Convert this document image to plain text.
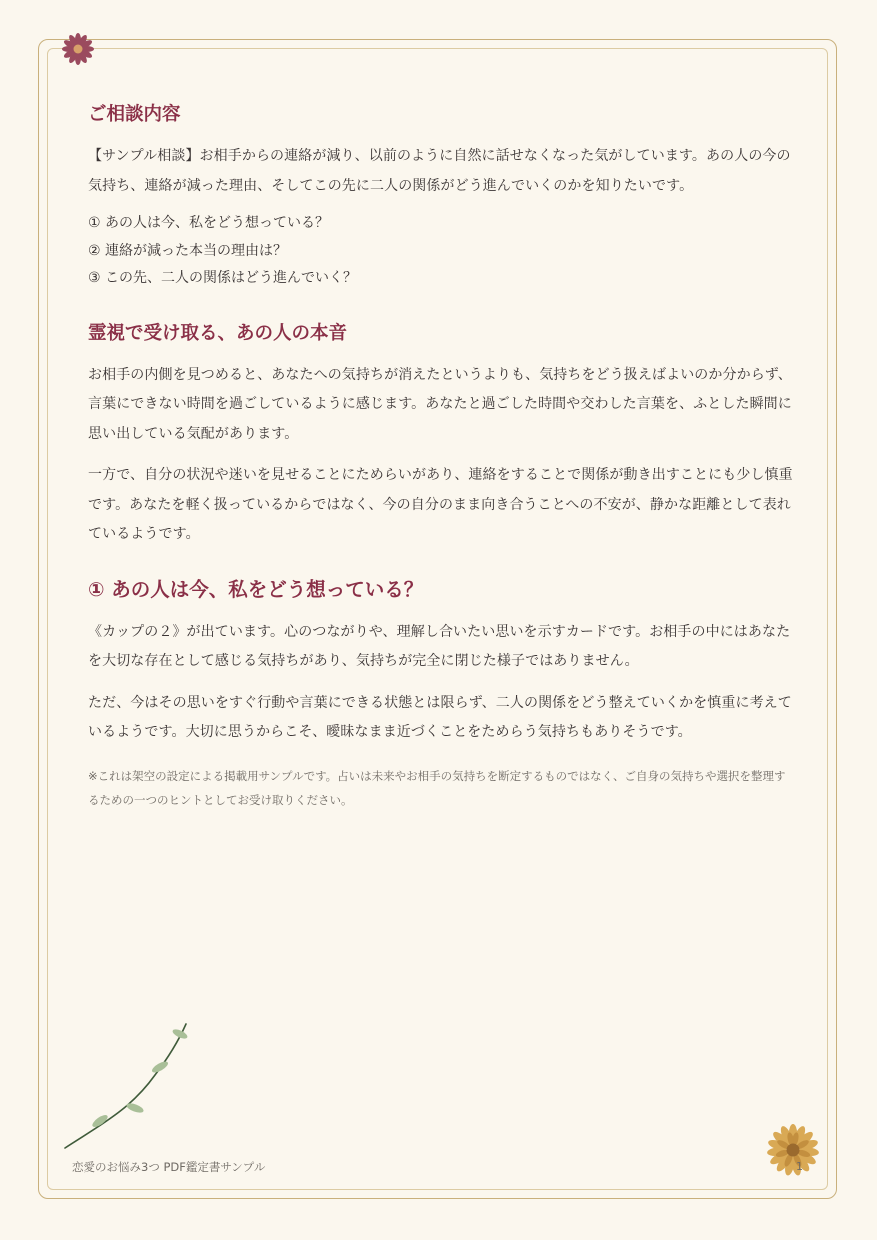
ご相談内容

【サンプル相談】お相手からの連絡が減り、以前のように自然に話せなくなった気がしています。あの人の今の気持ち、連絡が減った理由、そしてこの先に二人の関係がどう進んでいくのかを知りたいです。

① あの人は今、私をどう想っている？
② 連絡が減った本当の理由は？
③ この先、二人の関係はどう進んでいく？
霊視で受け取る、あの人の本音

お相手の内側を見つめると、あなたへの気持ちが消えたというよりも、気持ちをどう扱えばよいのか分からず、言葉にできない時間を過ごしているように感じます。あなたと過ごした時間や交わした言葉を、ふとした瞬間に思い出している気配があります。

一方で、自分の状況や迷いを見せることにためらいがあり、連絡をすることで関係が動き出すことにも少し慎重です。あなたを軽く扱っているからではなく、今の自分のまま向き合うことへの不安が、静かな距離として表れているようです。

① あの人は今、私をどう想っている？

《カップの２》が出ています。心のつながりや、理解し合いたい思いを示すカードです。お相手の中にはあなたを大切な存在として感じる気持ちがあり、気持ちが完全に閉じた様子ではありません。

ただ、今はその思いをすぐ行動や言葉にできる状態とは限らず、二人の関係をどう整えていくかを慎重に考えているようです。大切に思うからこそ、曖昧なまま近づくことをためらう気持ちもありそうです。

※これは架空の設定による掲載用サンプルです。占いは未来やお相手の気持ちを断定するものではなく、ご自身の気持ちや選択を整理するための一つのヒントとしてお受け取りください。
恋愛のお悩み3つ PDF鑑定書サンプル	1
